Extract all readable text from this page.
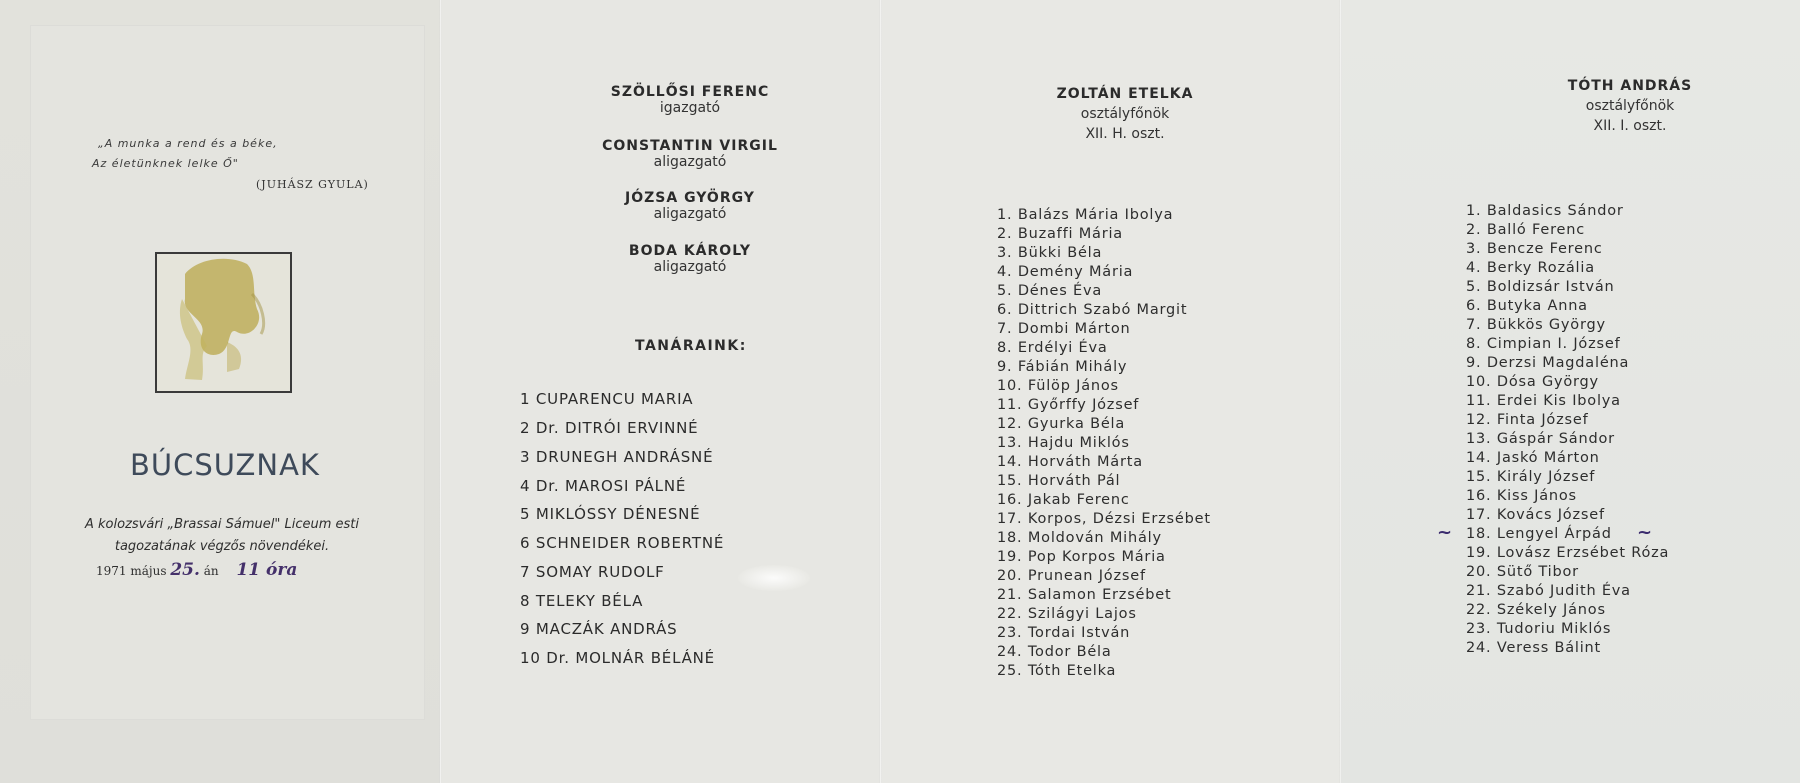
„A munka a rend és a béke,
Az életünknek lelke Ő"
(JUHÁSZ GYULA)
BÚCSUZNAK
A kolozsvári „Brassai Sámuel" Liceum esti
tagozatának végzős növendékei.
1971 május 25. án 11 óra
SZÖLLŐSI FERENC
igazgató
CONSTANTIN VIRGIL
aligazgató
JÓZSA GYÖRGY
aligazgató
BODA KÁROLY
aligazgató
TANÁRAINK:
1 CUPARENCU MARIA
2 Dr. DITRÓI ERVINNÉ
3 DRUNEGH ANDRÁSNÉ
4 Dr. MAROSI PÁLNÉ
5 MIKLÓSSY DÉNESNÉ
6 SCHNEIDER ROBERTNÉ
7 SOMAY RUDOLF
8 TELEKY BÉLA
9 MACZÁK ANDRÁS
10 Dr. MOLNÁR BÉLÁNÉ
ZOLTÁN ETELKA
osztályfőnök
XII. H. oszt.
1. Balázs Mária Ibolya
2. Buzaffi Mária
3. Bükki Béla
4. Demény Mária
5. Dénes Éva
6. Dittrich Szabó Margit
7. Dombi Márton
8. Erdélyi Éva
9. Fábián Mihály
10. Fülöp János
11. Győrffy József
12. Gyurka Béla
13. Hajdu Miklós
14. Horváth Márta
15. Horváth Pál
16. Jakab Ferenc
17. Korpos, Dézsi Erzsébet
18. Moldován Mihály
19. Pop Korpos Mária
20. Prunean József
21. Salamon Erzsébet
22. Szilágyi Lajos
23. Tordai István
24. Todor Béla
25. Tóth Etelka
TÓTH ANDRÁS
osztályfőnök
XII. I. oszt.
1. Baldasics Sándor
2. Balló Ferenc
3. Bencze Ferenc
4. Berky Rozália
5. Boldizsár István
6. Butyka Anna
7. Bükkös György
8. Cimpian I. József
9. Derzsi Magdaléna
10. Dósa György
11. Erdei Kis Ibolya
12. Finta József
13. Gáspár Sándor
14. Jaskó Márton
15. Király József
16. Kiss János
17. Kovács József
18. Lengyel Árpád
19. Lovász Erzsébet Róza
20. Sütő Tibor
21. Szabó Judith Éva
22. Székely János
23. Tudoriu Miklós
24. Veress Bálint
~	~
